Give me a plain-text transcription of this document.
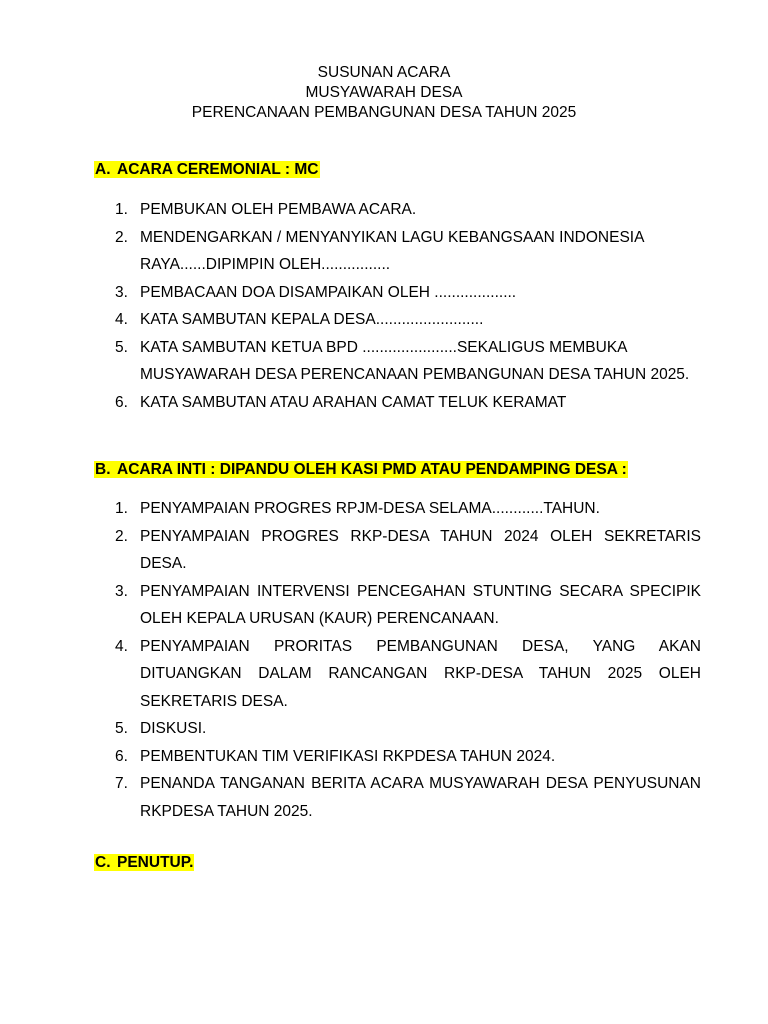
SUSUNAN ACARA
MUSYAWARAH DESA
PERENCANAAN PEMBANGUNAN DESA TAHUN 2025
A. ACARA CEREMONIAL : MC
1. PEMBUKAN OLEH PEMBAWA ACARA.
2. MENDENGARKAN / MENYANYIKAN LAGU KEBANGSAAN INDONESIA RAYA......DIPIMPIN OLEH................
3. PEMBACAAN DOA DISAMPAIKAN OLEH ...................
4. KATA SAMBUTAN KEPALA DESA.........................
5. KATA SAMBUTAN KETUA BPD ......................SEKALIGUS MEMBUKA MUSYAWARAH DESA PERENCANAAN PEMBANGUNAN DESA TAHUN 2025.
6. KATA SAMBUTAN ATAU ARAHAN CAMAT TELUK KERAMAT
B. ACARA INTI : DIPANDU OLEH KASI PMD ATAU PENDAMPING DESA :
1. PENYAMPAIAN PROGRES RPJM-DESA SELAMA............TAHUN.
2. PENYAMPAIAN PROGRES RKP-DESA TAHUN 2024 OLEH SEKRETARIS DESA.
3. PENYAMPAIAN INTERVENSI PENCEGAHAN STUNTING SECARA SPECIPIK OLEH KEPALA URUSAN (KAUR) PERENCANAAN.
4. PENYAMPAIAN PRORITAS PEMBANGUNAN DESA, YANG AKAN DITUANGKAN DALAM RANCANGAN RKP-DESA TAHUN 2025 OLEH SEKRETARIS DESA.
5. DISKUSI.
6. PEMBENTUKAN TIM VERIFIKASI RKPDESA TAHUN 2024.
7. PENANDA TANGANAN BERITA ACARA MUSYAWARAH DESA PENYUSUNAN RKPDESA TAHUN 2025.
C. PENUTUP.
